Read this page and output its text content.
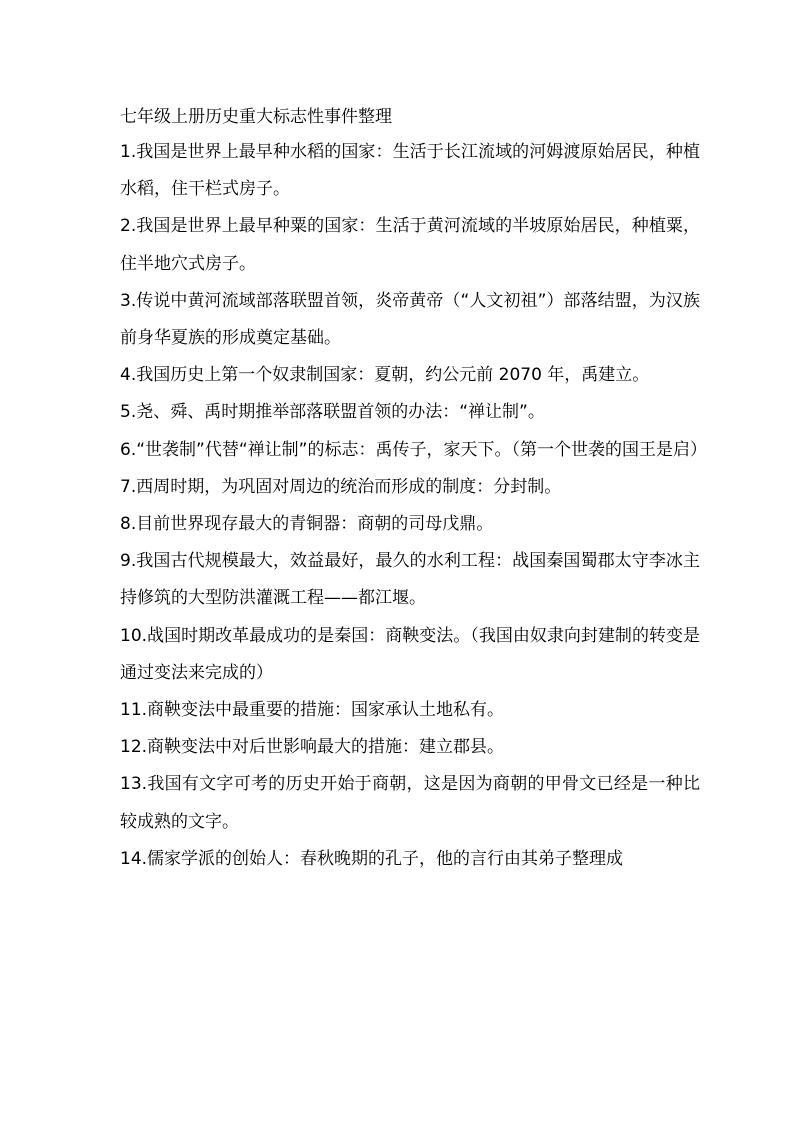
七年级上册历史重大标志性事件整理

1.我国是世界上最早种水稻的国家：生活于长江流域的河姆渡原始居民，种植水稻，住干栏式房子。

2.我国是世界上最早种粟的国家：生活于黄河流域的半坡原始居民，种植粟，住半地穴式房子。

3.传说中黄河流域部落联盟首领，炎帝黄帝（“人文初祖”）部落结盟，为汉族前身华夏族的形成奠定基础。

4.我国历史上第一个奴隶制国家：夏朝，约公元前 2070 年，禹建立。

5.尧、舜、禹时期推举部落联盟首领的办法：“禅让制”。

6.“世袭制”代替“禅让制”的标志：禹传子，家天下。（第一个世袭的国王是启）

7.西周时期，为巩固对周边的统治而形成的制度：分封制。

8.目前世界现存最大的青铜器：商朝的司母戊鼎。

9.我国古代规模最大，效益最好，最久的水利工程：战国秦国蜀郡太守李冰主持修筑的大型防洪灌溉工程——都江堰。

10.战国时期改革最成功的是秦国：商鞅变法。（我国由奴隶向封建制的转变是通过变法来完成的）

11.商鞅变法中最重要的措施：国家承认土地私有。

12.商鞅变法中对后世影响最大的措施：建立郡县。

13.我国有文字可考的历史开始于商朝，这是因为商朝的甲骨文已经是一种比较成熟的文字。

14.儒家学派的创始人：春秋晚期的孔子，他的言行由其弟子整理成
